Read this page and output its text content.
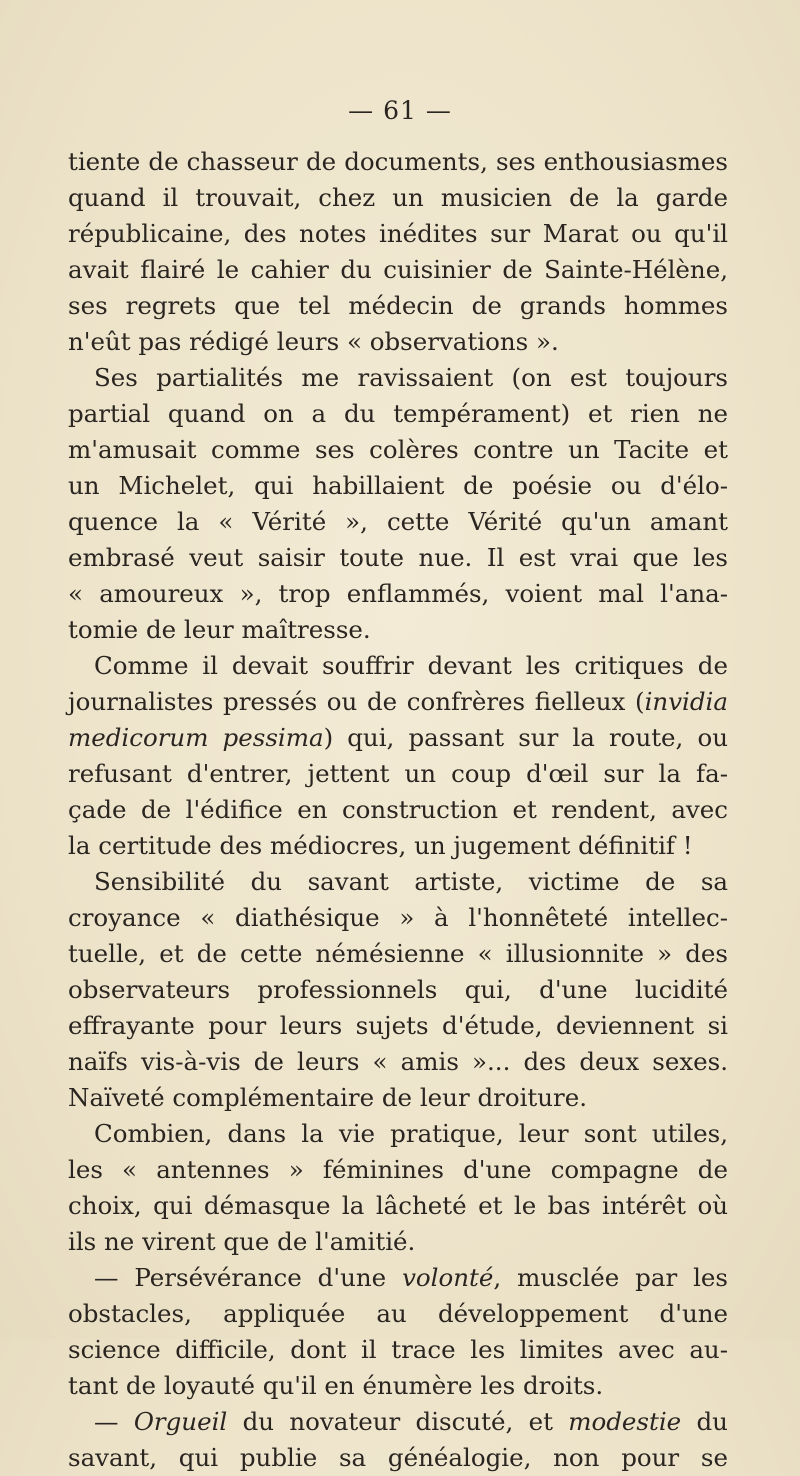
— 61 —
tiente de chasseur de documents, ses enthousiasmes
quand il trouvait, chez un musicien de la garde
républicaine, des notes inédites sur Marat ou qu'il
avait flairé le cahier du cuisinier de Sainte-Hélène,
ses regrets que tel médecin de grands hommes
n'eût pas rédigé leurs « observations ».
Ses partialités me ravissaient (on est toujours
partial quand on a du tempérament) et rien ne
m'amusait comme ses colères contre un Tacite et
un Michelet, qui habillaient de poésie ou d'élo-
quence la « Vérité », cette Vérité qu'un amant
embrasé veut saisir toute nue. Il est vrai que les
« amoureux », trop enflammés, voient mal l'ana-
tomie de leur maîtresse.
Comme il devait souffrir devant les critiques de
journalistes pressés ou de confrères fielleux (invidia
medicorum pessima) qui, passant sur la route, ou
refusant d'entrer, jettent un coup d'œil sur la fa-
çade de l'édifice en construction et rendent, avec
la certitude des médiocres, un jugement définitif !
Sensibilité du savant artiste, victime de sa
croyance « diathésique » à l'honnêteté intellec-
tuelle, et de cette némésienne « illusionnite » des
observateurs professionnels qui, d'une lucidité
effrayante pour leurs sujets d'étude, deviennent si
naïfs vis-à-vis de leurs « amis »... des deux sexes.
Naïveté complémentaire de leur droiture.
Combien, dans la vie pratique, leur sont utiles,
les « antennes » féminines d'une compagne de
choix, qui démasque la lâcheté et le bas intérêt où
ils ne virent que de l'amitié.
— Persévérance d'une volonté, musclée par les
obstacles, appliquée au développement d'une
science difficile, dont il trace les limites avec au-
tant de loyauté qu'il en énumère les droits.
— Orgueil du novateur discuté, et modestie du
savant, qui publie sa généalogie, non pour se
